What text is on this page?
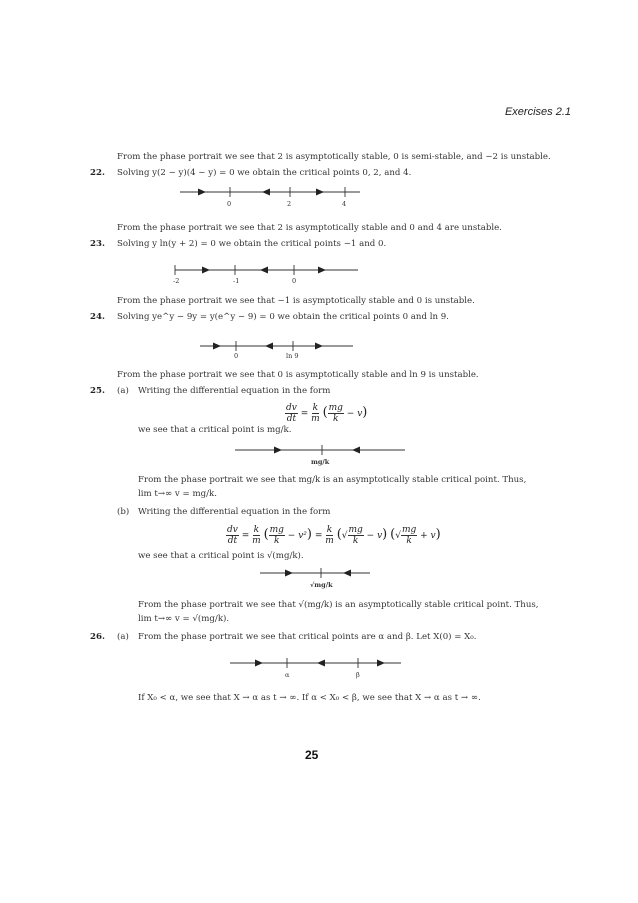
Exercises 2.1
From the phase portrait we see that 2 is asymptotically stable, 0 is semi-stable, and −2 is unstable.
22. Solving y(2 − y)(4 − y) = 0 we obtain the critical points 0, 2, and 4.
0	2	4
From the phase portrait we see that 2 is asymptotically stable and 0 and 4 are unstable.
23. Solving y ln(y + 2) = 0 we obtain the critical points −1 and 0.
-2	-1	0
From the phase portrait we see that −1 is asymptotically stable and 0 is unstable.
24. Solving ye^y − 9y = y(e^y − 9) = 0 we obtain the critical points 0 and ln 9.
0	ln 9
From the phase portrait we see that 0 is asymptotically stable and ln 9 is unstable.
25. (a) Writing the differential equation in the form
$\frac{dv}{dt} = \frac{k}{m}$ ( $\frac{mg}{k} - v$)
we see that a critical point is mg/k.
mg/k
From the phase portrait we see that mg/k is an asymptotically stable critical point. Thus,
lim t→∞ v = mg/k.
(b) Writing the differential equation in the form
$\frac{dv}{dt} = \frac{k}{m}$ ( $\frac{mg}{k} - v^2) = \frac{k}{m}$ (√ $\frac{mg}{k} - v$) (√ $\frac{mg}{k} + v$)
we see that a critical point is √(mg/k).
√mg/k
From the phase portrait we see that √(mg/k) is an asymptotically stable critical point. Thus,
lim t→∞ v = √(mg/k).
26. (a) From the phase portrait we see that critical points are α and β. Let X(0) = X₀.
α	β
If X₀ < α, we see that X → α as t → ∞. If α < X₀ < β, we see that X → α as t → ∞.
25
